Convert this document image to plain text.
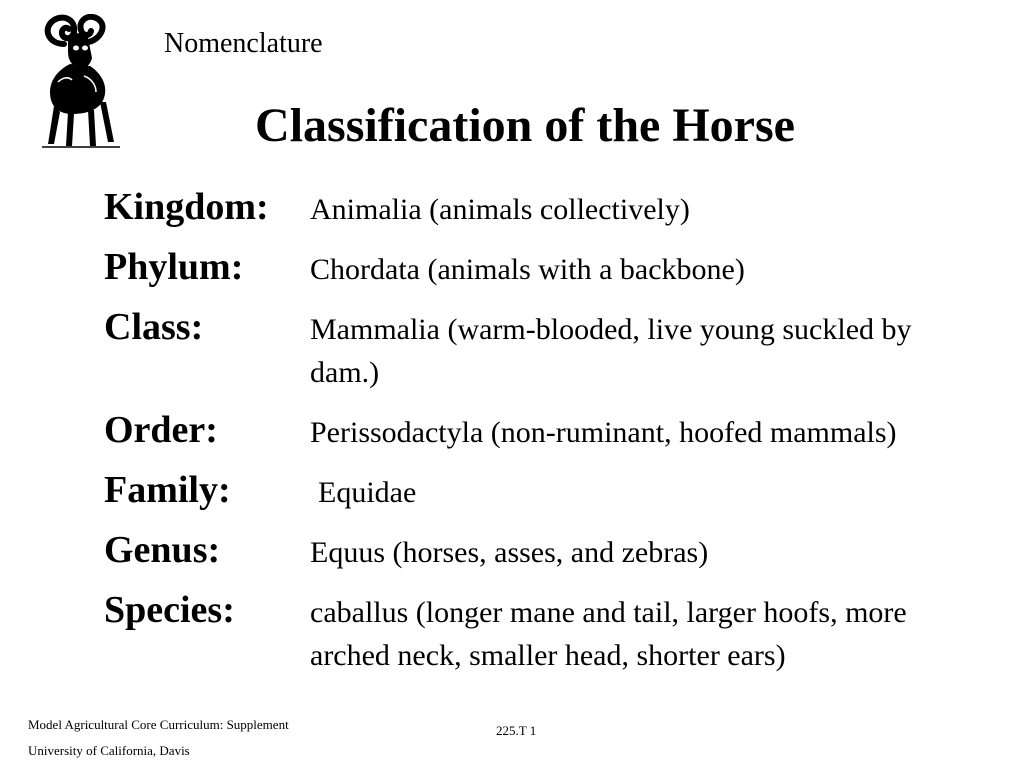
Nomenclature
Classification of the Horse
Kingdom:	Animalia (animals collectively)
Phylum:	Chordata (animals with a backbone)
Class:	Mammalia (warm-blooded, live young suckled by dam.)
Order:	Perissodactyla (non-ruminant, hoofed mammals)
Family:	Equidae
Genus:	Equus (horses, asses, and zebras)
Species:	caballus (longer mane and tail, larger hoofs, more arched neck, smaller head, shorter ears)
Model Agricultural Core Curriculum: Supplement
University of California, Davis
225.T 1
